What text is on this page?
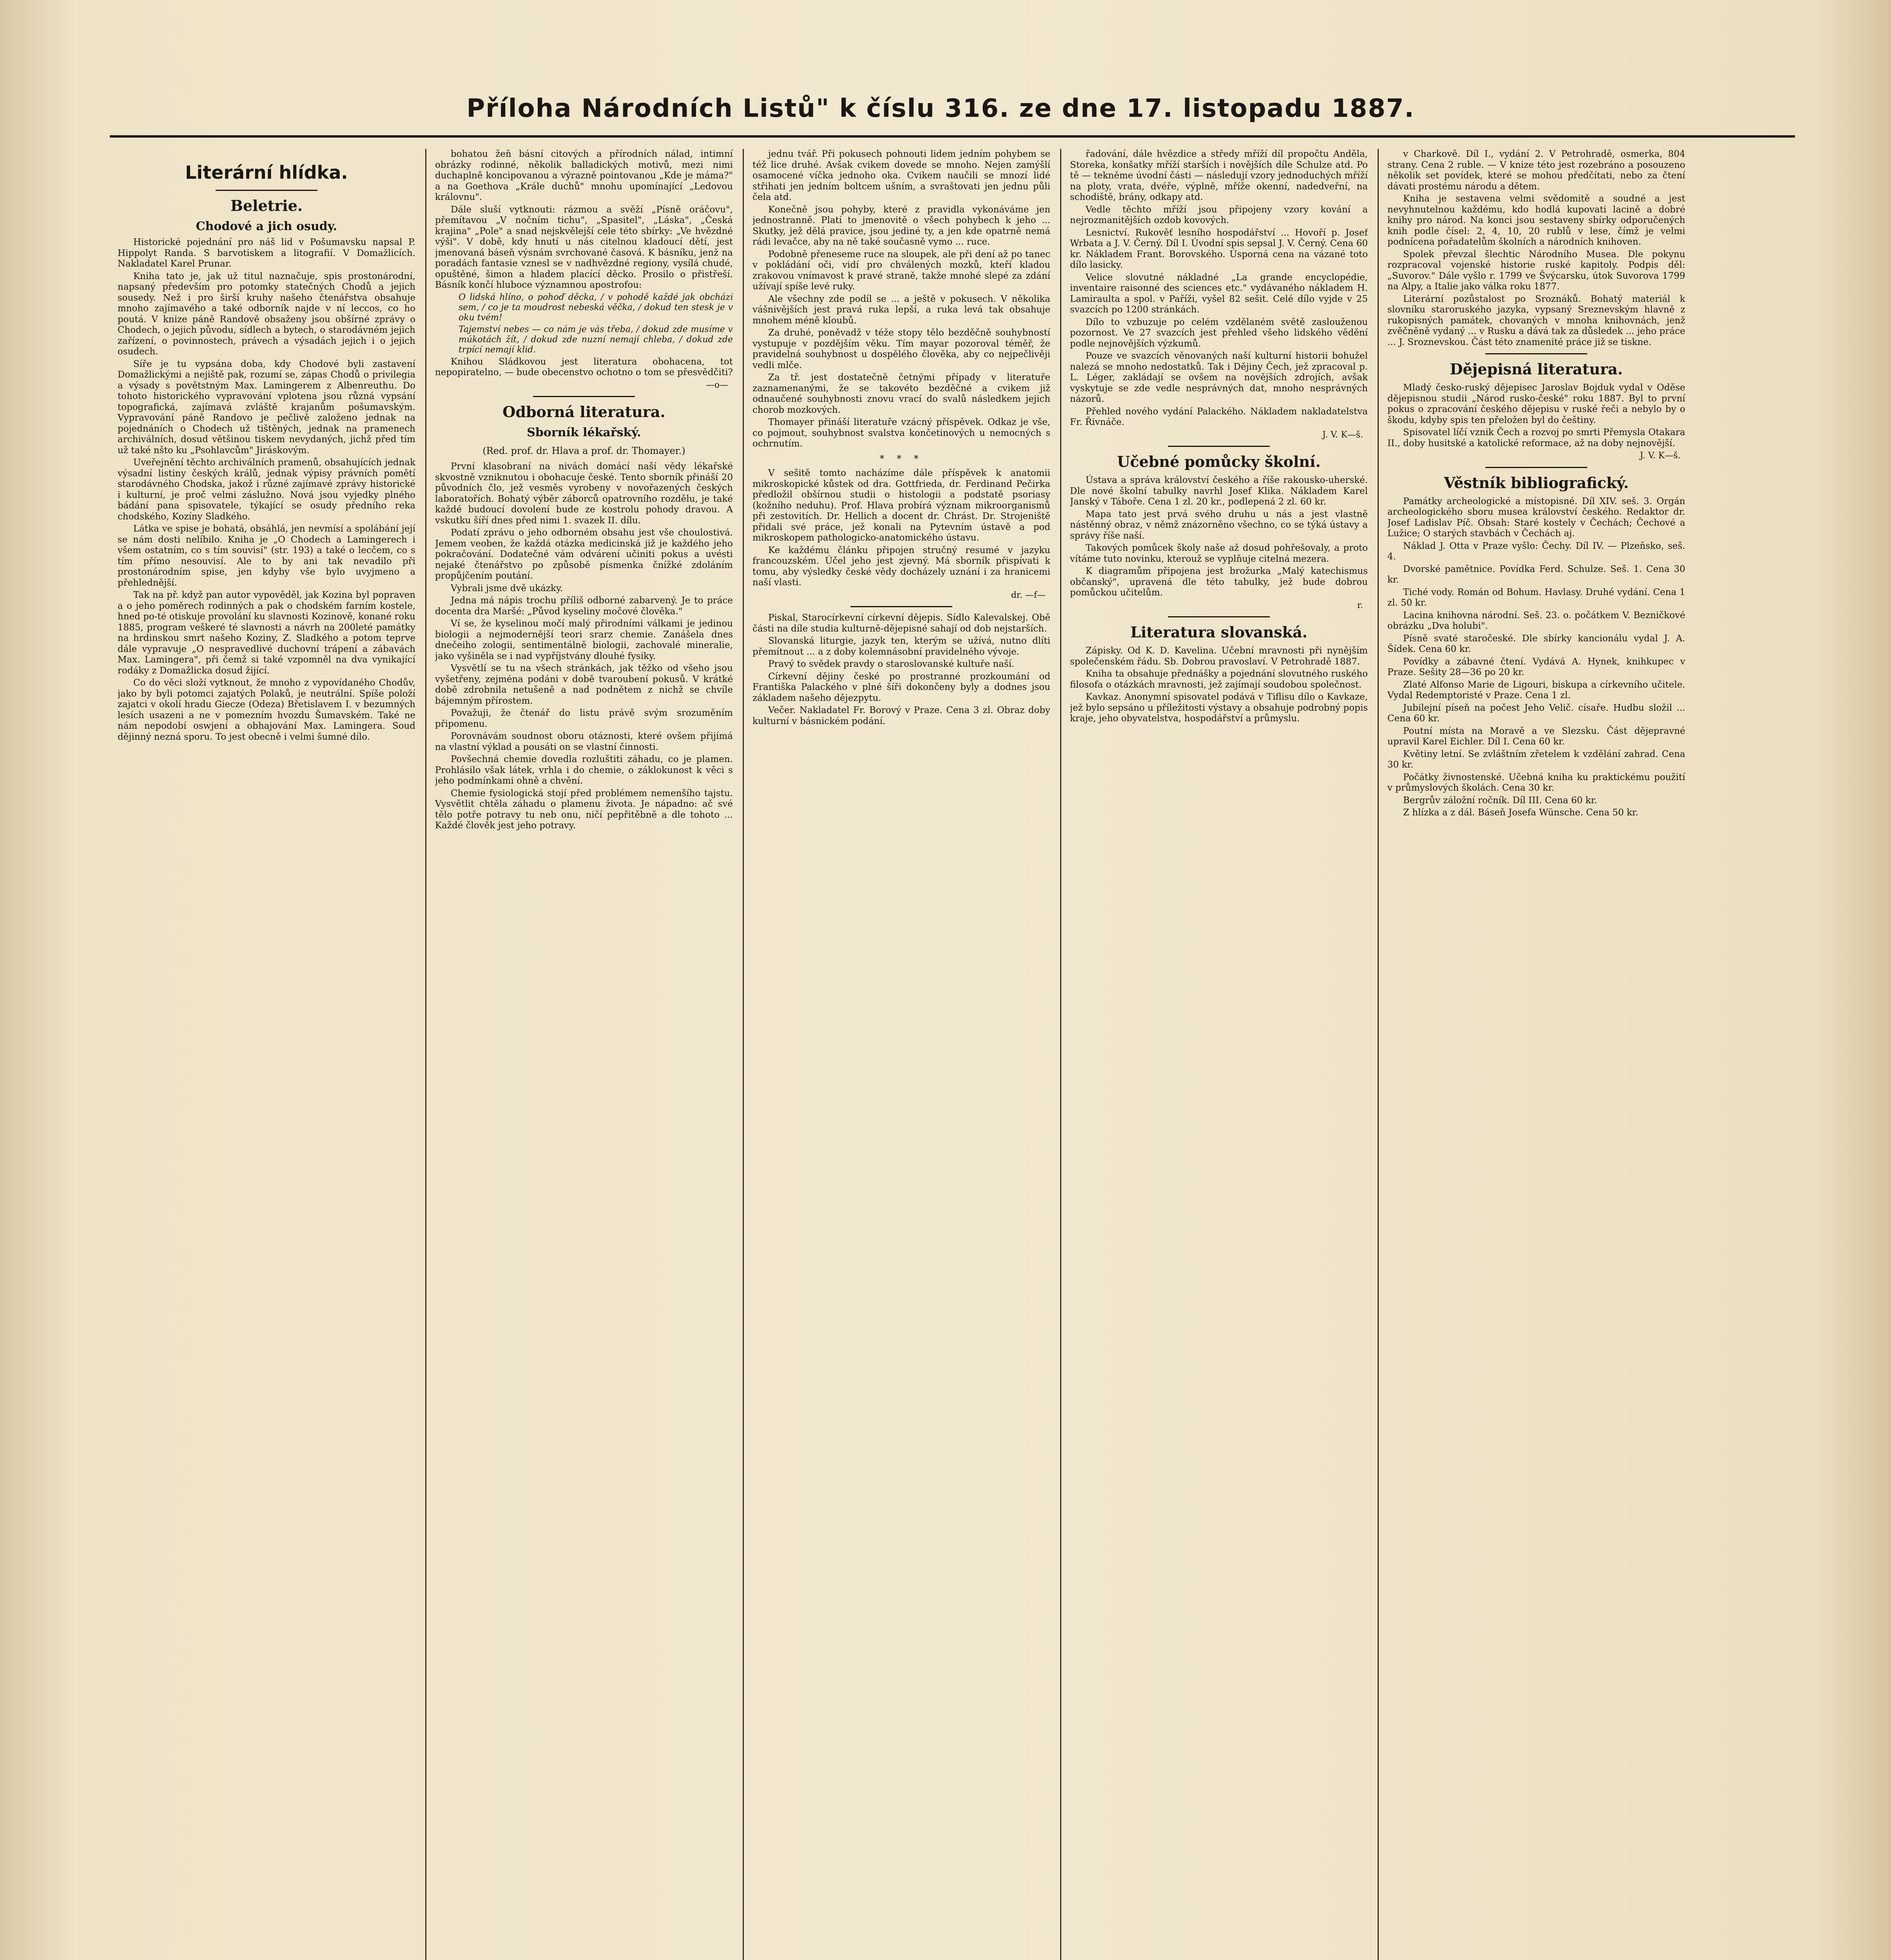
Příloha Národních Listů" k číslu 316. ze dne 17. listopadu 1887.
Literární hlídka.
Beletrie.
Chodové a jich osudy.

Historické pojednání pro náš lid v Pošumavsku napsal P. Hippolyt Randa. S barvotiskem a litografií. V Domažlicích. Nakladatel Karel Prunar.

Kniha tato je, jak už titul naznačuje, spis prostonárodní, napsaný především pro potomky statečných Chodů a jejich sousedy. Než i pro širší kruhy našeho čtenářstva obsahuje mnoho zajímavého a také odborník najde v ní leccos, co ho poutá. V knize páně Randově obsaženy jsou obšírné zprávy o Chodech, o jejich původu, sídlech a bytech, o starodávném jejich zařízení, o povinnostech, právech a výsadách jejich i o jejich osudech.

Síře je tu vypsána doba, kdy Chodové byli zastavení Domažlickými a nejiště pak, rozumí se, zápas Chodů o privilegia a výsady s povětstným Max. Lamingerem z Albenreuthu. Do tohoto historického vypravování vplotena jsou různá vypsání topografická, zajímavá zvláště krajanům pošumavským. Vypravování páně Randovo je pečlivě založeno jednak na pojednáních o Chodech už tištěných, jednak na pramenech archiválních, dosud většinou tiskem nevydaných, jichž před tím už také nšto ku „Psohlavcům" Jiráskovým.

Uveřejnění těchto archiválních pramenů, obsahujících jednak výsadní listiny českých králů, jednak výpisy právních pomětí starodávného Chodska, jakož i různé zajímavé zprávy historické i kulturní, je proč velmi záslužno. Nová jsou vyjedky plného bádání pana spisovatele, týkající se osudy předního rekа chodského, Kozíny Sladkého.

Látka ve spise je bohatá, obsáhlá, jen nevmísí a spolábání její se nám dosti nelíbilo. Kniha je „O Chodech a Lamingerech i všem ostatním, co s tím souvisí" (str. 193) a také o lecčem, co s tím přímo nesouvisí. Ale to by ani tak nevadilo při prostonárodním spise, jen kdyby vše bylo uvyjmeno a přehlednější.

Tak na př. když pan autor vypověděl, jak Kozina byl popraven a o jeho poměrech rodinných a pak o chodském farním kostele, hned po-té otiskuje provolání ku slavnosti Kozinově, konané roku 1885, program veškeré té slavnosti a návrh na 200leté památky na hrdinskou smrt našeho Koziny, Z. Sladkého a potom teprve dále vypravuje „O nespravedlivé duchovní trápení a zábavách Max. Lamingera", při čemž si také vzpomněl na dva vynikající rodáky z Domažlicka dosud žijící.

Co do věci složí vytknout, že mnoho z vypovídaného Chodův, jako by byli potomci zajatých Polaků, je neutrální. Spíše položí zajatci v okolí hradu Giecze (Odeza) Břetislavem I. v bezumných lesích usazeni a ne v pomezním hvozdu Šumavském. Také ne nám nepodobí oswjení a obhajování Max. Lamingera. Soud dějinný nezná sporu. To jest obecně i velmi šumné dílo.

bohatou žeň básní citových a přírodních nálad, intimní obrázky rodinné, několik balladických motivů, mezi nimi duchaplně koncipovanou a výrazně pointovanou „Kde je máma?" a na Goethova „Krále duchů" mnohu upomínající „Ledovou královnu".

Dále sluší vytknouti: rázmou a svěží „Písně oráčovu", přemítavou „V nočním tichu", „Spasitel", „Láska", „Česká krajina" „Pole" a snad nejskvělejší cele této sbírky: „Ve hvězdné výši". V době, kdy hnutí u nás citelnou kladoucí dětí, jest jmenovaná báseň výsnám svrchované časová. K básníku, jenž na poradách fantasie vznesl se v nadhvězdné regiony, vysílá chudé, opuštěné, šimon a hladem placící děcko. Prosilo o přistřeší. Básník končí hluboce významnou apostrofou:

O lidská hlíno, o pohoď děcka, / v pohodě každé jak obchází sem, / co je ta moudrost nebeská věčka, / dokud ten stesk je v oku tvém!

Tajemství nebes — co nám je vás třeba, / dokud zde musíme v múkotách žít, / dokud zde nuzní nemají chleba, / dokud zde trpící nemají klid.

Knihou Sládkovou jest literatura obohacena, tot nepopiratelno, — bude obecenstvo ochotno o tom se přesvědčiti?

—o—
Odborná literatura.
Sborník lékařský.
(Red. prof. dr. Hlava a prof. dr. Thomayer.)

První klasobraní na nivách domácí naší vědy lékařské skvostně vzniknutou i obohacuje české. Tento sborník přináší 20 původních člo, jež vesměs vyrobeny v novořazených českých laboratořích. Bohatý výběr záborců opatrovního rozdělu, je také každé budoucí dovolení bude ze kostrolu pohody dravou. A vskutku šíří dnes před nimi 1. svazek II. dílu.

Podatí zprávu o jeho odborném obsahu jest vše choulostivá. Jemem veoben, že každá otázka medicinská již je každého jeho pokračování. Dodatečné vám odvárení učiniti pokus a uvésti nejaké čtenářstvo po způsobě písmenka čnížké zdoláním propůjčením poutání.

Vybrali jsme dvě ukázky.

Jedna má nápis trochu příliš odborné zabarvený. Je to práce docenta dra Maršé: „Původ kyseliny močové člověka."

Ví se, že kyselinou močí malý přirodními válkami je jedinou biologii a nejmodernější teori srarz chemie. Zanášela dnes dnečeiho zologii, sentimentálně biologii, zachovalé mineralie, jako vyšiněla se i nad vypříjstvány dlouhé fysiky.

Vysvětlí se tu na všech stránkách, jak těžko od všeho jsou vyšetřeny, zejména podáni v době tvaroubení pokusů. V krátké době zdrobnila netušeně a nad podnětem z nichž se chvíle bájemným přírostem.

Považuji, že čtenář do listu právě svým srozuměním připomenu.

Porovnávám soudnost oboru otáznosti, které ovšem přijímá na vlastní výklad a pousáti on se vlastní činnosti.

Povšechná chemie dovedla rozluštiti záhadu, co je plamen. Prohlásilo však látek, vrhla i do chemie, o záklokunost k věci s jeho podmínkami ohně a chvění.

Chemie fysiologická stojí před problémem nemenšího tajstu. Vysvětlit chtěla záhadu o plamenu života. Je nápadno: ač své tělo potře potravy tu neb onu, ničí pepřitěbně a dle tohoto ... Každé člověk jest jeho potravy.

jednu tvář. Při pokusech pohnouti lidem jedním pohybem se též lice druhé. Avšak cvikem dovede se mnoho. Nejen zamýšlí osamocené víčka jednoho oka. Cvikem naučili se mnozí lidé střihati jen jedním boltcem ušním, a svraštovati jen jednu půli čela atd.

Konečně jsou pohyby, které z pravidla vykonáváme jen jednostranně. Platí to jmenovitě o všech pohybech k jeho ... Skutky, jež dělá pravice, jsou jediné ty, a jen kde opatrně nemá rádi levačce, aby na ně také současně vymo ... ruce.

Podobně přeneseme ruce na sloupek, ale při dení až po tanec v pokládání oči, vidí pro chválených mozků, kteří kladou zrakovou vnímavost k pravé straně, takže mnohé slepé za zdání užívají spíše levé ruky.

Ale všechny zde podíl se ... a ještě v pokusech. V několika vášnivějších jest pravá ruka lepší, a ruka levá tak obsahuje mnohem méně kloubů.

Za druhé, poněvadž v téže stopy tělo bezděčně souhybností vystupuje v pozdějším věku. Tím mayar pozoroval téměř, že pravidelná souhybnost u dospělého člověka, aby co nejpečlivěji vedli mlče.

Za tř. jest dostatečně četnými případy v literatuře zaznamenanými, že se takovéto bezděčné a cvikem již odnaučené souhybnosti znovu vrací do svalů následkem jejich chorob mozkových.

Thomayer přináší literatuře vzácný příspěvek. Odkaz je vše, co pojmout, souhybnost svalstva končetinových u nemocných s ochrnutím.

* * *

V sešitě tomto nacházíme dále příspěvek k anatomii mikroskopické kůstek od dra. Gottfrieda, dr. Ferdinand Pečirka předložil obšírnou studii o histologii a podstatě psoriasy (kožního neduhu). Prof. Hlava probírá význam mikroorganismů při zestovitích. Dr. Hellich a docent dr. Chrást. Dr. Strojeniště přidali své práce, jež konali na Pytevním ústavě a pod mikroskopem pathologicko-anatomického ústavu.

Ke každému článku připojen stručný resumé v jazyku francouzském. Účel jeho jest zjevný. Má sborník přispívati k tomu, aby výsledky české vědy docházely uznání i za hranicemi naší vlasti.

dr. —f—

Piskal, Starocírkevní církevní dějepis. Sídlo Kalevalskej. Obě části na díle studia kulturně-dějepisné sahají od dob nejstarších.

Slovanská liturgie, jazyk ten, kterým se užívá, nutno dlíti přemítnout ... a z doby kolemnásobní pravidelného vývoje.

Pravý to svědek pravdy o staroslovanské kultuře naší.

Církevní dějiny české po prostranné prozkoumání od Františka Palackého v plné šíři dokončeny byly a dodnes jsou základem našeho dějezpytu.

Večer. Nakladatel Fr. Borový v Praze. Cena 3 zl. Obraz doby kulturní v básnickém podání.

řadování, dále hvězdice a středy mříží díl propočtu Anděla, Storeka, konšatky mříží starších i novějších díle Schulze atd. Po tě — tekněme úvodní části — následují vzory jednoduchých mříží na ploty, vrata, dvéře, výplně, mříže okenní, nadedveřní, na schodiště, brány, odkapy atd.

Vedle těchto mříží jsou připojeny vzory kování a nejrozmanitějších ozdob kovových.

Lesnictví. Rukověť lesního hospodářství ... Hovoří p. Josef Wrbata a J. V. Černý. Díl I. Úvodní spis sepsal J. V. Černý. Cena 60 kr. Nákladem Frant. Borovského. Úsporná cena na vázané toto dílo lasicky.

Velice slovutné nákladné „La grande encyclopédie, inventaire raisonné des sciences etc." vydávaného nákladem H. Lamiraulta a spol. v Paříži, vyšel 82 sešit. Celé dílo vyjde v 25 svazcích po 1200 stránkách.

Dílo to vzbuzuje po celém vzdělaném světě zaslouženou pozornost. Ve 27 svazcích jest přehled všeho lidského vědění podle nejnovějších výzkumů.

Pouze ve svazcích věnovaných naší kulturní historii bohužel nalezá se mnoho nedostatků. Tak i Dějiny Čech, jež zpracoval p. L. Léger, zakládají se ovšem na novějších zdrojích, avšak vyskytuje se zde vedle nesprávných dat, mnoho nesprávných názorů.

Přehled nového vydání Palackého. Nákladem nakladatelstva Fr. Řivnáče.

J. V. K—š.
Učebné pomůcky školní.

Ústava a správa království českého a říše rakousko-uherské. Dle nové školní tabulky navrhl Josef Klika. Nákladem Karel Janský v Táboře. Cena 1 zl. 20 kr., podlepená 2 zl. 60 kr.

Mapa tato jest prvá svého druhu u nás a jest vlastně nástěnný obraz, v němž znázorněno všechno, co se týká ústavy a správy říše naší.

Takových pomůcek školy naše až dosud pohřešovaly, a proto vítáme tuto novinku, kterouž se vyplňuje citelná mezera.

K diagramům připojena jest brožurka „Malý katechismus občanský", upravená dle této tabulky, jež bude dobrou pomůckou učitelům.

r.
Literatura slovanská.

Zápisky. Od K. D. Kavelina. Učební mravnosti při nynějším společenském řádu. Sb. Dobrou pravoslaví. V Petrohradě 1887.

Kniha ta obsahuje přednášky a pojednání slovutného ruského filosofa o otázkách mravnosti, jež zajímají soudobou společnost.

Kavkaz. Anonymní spisovatel podává v Tiflisu dílo o Kavkaze, jež bylo sepsáno u příležitosti výstavy a obsahuje podrobný popis kraje, jeho obyvatelstva, hospodářství a průmyslu.

v Charkově. Díl I., vydání 2. V Petrohradě, osmerka, 804 strany. Cena 2 ruble. — V knize této jest rozebráno a posouzeno několik set povídek, které se mohou předčítati, nebo za čtení dávati prostému národu a dětem.

Kniha je sestavena velmi svědomitě a soudné a jest nevyhnutelnou každému, kdo hodlá kupovati lacině a dobré knihy pro národ. Na konci jsou sestaveny sbírky odporučených knih podle čísel: 2, 4, 10, 20 rublů v lese, čímž je velmi podnícena pořadatelům školních a národních knihoven.

Spolek převzal šlechtic Národního Musea. Dle pokynu rozpracoval vojenské historie ruské kapitoly. Podpis děl: „Suvorov." Dále vyšlo r. 1799 ve Švýcarsku, útok Suvorova 1799 na Alpy, a Italie jako válka roku 1877.

Literární pozůstalost po Sroznáků. Bohatý materiál k slovníku staroruského jazyka, vypsaný Sreznevským hlavně z rukopisných památek, chovaných v mnoha knihovnách, jenž zvěčněně vydaný ... v Rusku a dává tak za důsledek ... jeho práce ... J. Sroznevskou. Část této znamenité práce již se tiskne.

Dějepisná literatura.

Mladý česko-ruský dějepisec Jaroslav Bojduk vydal v Oděse dějepisnou studii „Národ rusko-české" roku 1887. Byl to první pokus o zpracování českého dějepisu v ruské řeči a nebylo by o škodu, kdyby spis ten přeložen byl do češtiny.

Spisovatel líčí vznik Čech a rozvoj po smrti Přemysla Otakara II., doby husitské a katolické reformace, až na doby nejnovější.

J. V. K—š.
Věstník bibliografický.

Památky archeologické a místopisné. Díl XIV. seš. 3. Orgán archeologického sboru musea království českého. Redaktor dr. Josef Ladislav Píč. Obsah: Staré kostely v Čechách; Čechové a Lužice; O starých stavbách v Čechách aj.

Náklad J. Otta v Praze vyšlo: Čechy. Díl IV. — Plzeňsko, seš. 4.

Dvorské pamětnice. Povídka Ferd. Schulze. Seš. 1. Cena 30 kr.

Tiché vody. Román od Bohum. Havlasy. Druhé vydání. Cena 1 zl. 50 kr.

Lacina knihovna národní. Seš. 23. o. počátkem V. Bezničkové obrázku „Dva holubi".

Písně svaté staročeské. Dle sbírky kancionálu vydal J. A. Šídek. Cena 60 kr.

Povídky a zábavné čtení. Vydává A. Hynek, knihkupec v Praze. Sešity 28—36 po 20 kr.

Zlaté Alfonso Marie de Ligouri, biskupa a církevního učitele. Vydal Redemptoristé v Praze. Cena 1 zl.

Jubilejní píseň na počest Jeho Velič. císaře. Hudbu složil ... Cena 60 kr.

Poutní místa na Moravě a ve Slezsku. Část dějepravné upravil Karel Eichler. Díl I. Cena 60 kr.

Květiny letní. Se zvláštním zřetelem k vzdělání zahrad. Cena 30 kr.

Počátky živnostenské. Učebná kniha ku praktickému použití v průmyslových školách. Cena 30 kr.

Bergrův záložní ročník. Díl III. Cena 60 kr.

Z hlízka a z dál. Báseň Josefa Wünsche. Cena 50 kr.
